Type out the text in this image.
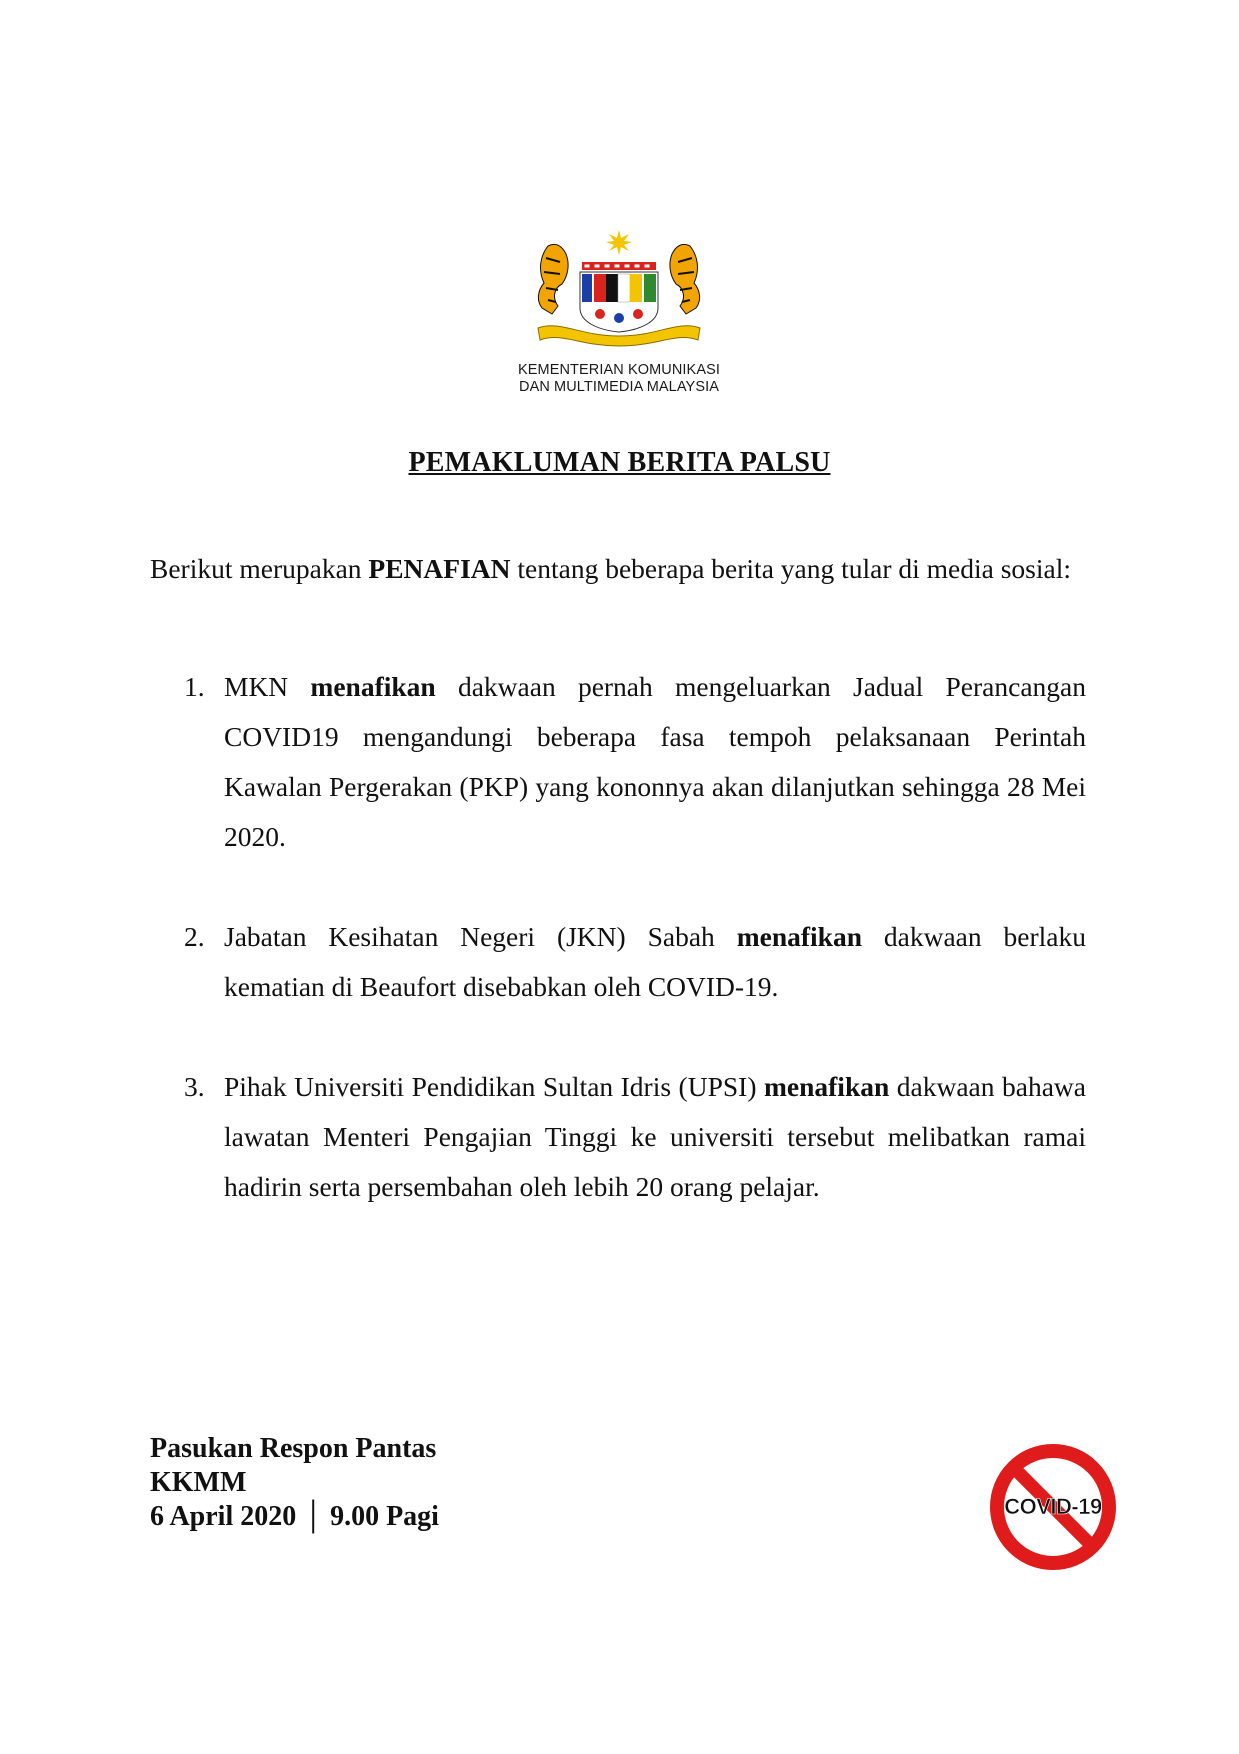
KEMENTERIAN KOMUNIKASI
DAN MULTIMEDIA MALAYSIA
PEMAKLUMAN BERITA PALSU
Berikut merupakan PENAFIAN tentang beberapa berita yang tular di media sosial:
1. MKN menafikan dakwaan pernah mengeluarkan Jadual Perancangan COVID19 mengandungi beberapa fasa tempoh pelaksanaan Perintah Kawalan Pergerakan (PKP) yang kononnya akan dilanjutkan sehingga 28 Mei 2020.
2. Jabatan Kesihatan Negeri (JKN) Sabah menafikan dakwaan berlaku kematian di Beaufort disebabkan oleh COVID-19.
3. Pihak Universiti Pendidikan Sultan Idris (UPSI) menafikan dakwaan bahawa lawatan Menteri Pengajian Tinggi ke universiti tersebut melibatkan ramai hadirin serta persembahan oleh lebih 20 orang pelajar.
Pasukan Respon Pantas
KKMM
6 April 2020 │ 9.00 Pagi	COVID-19
